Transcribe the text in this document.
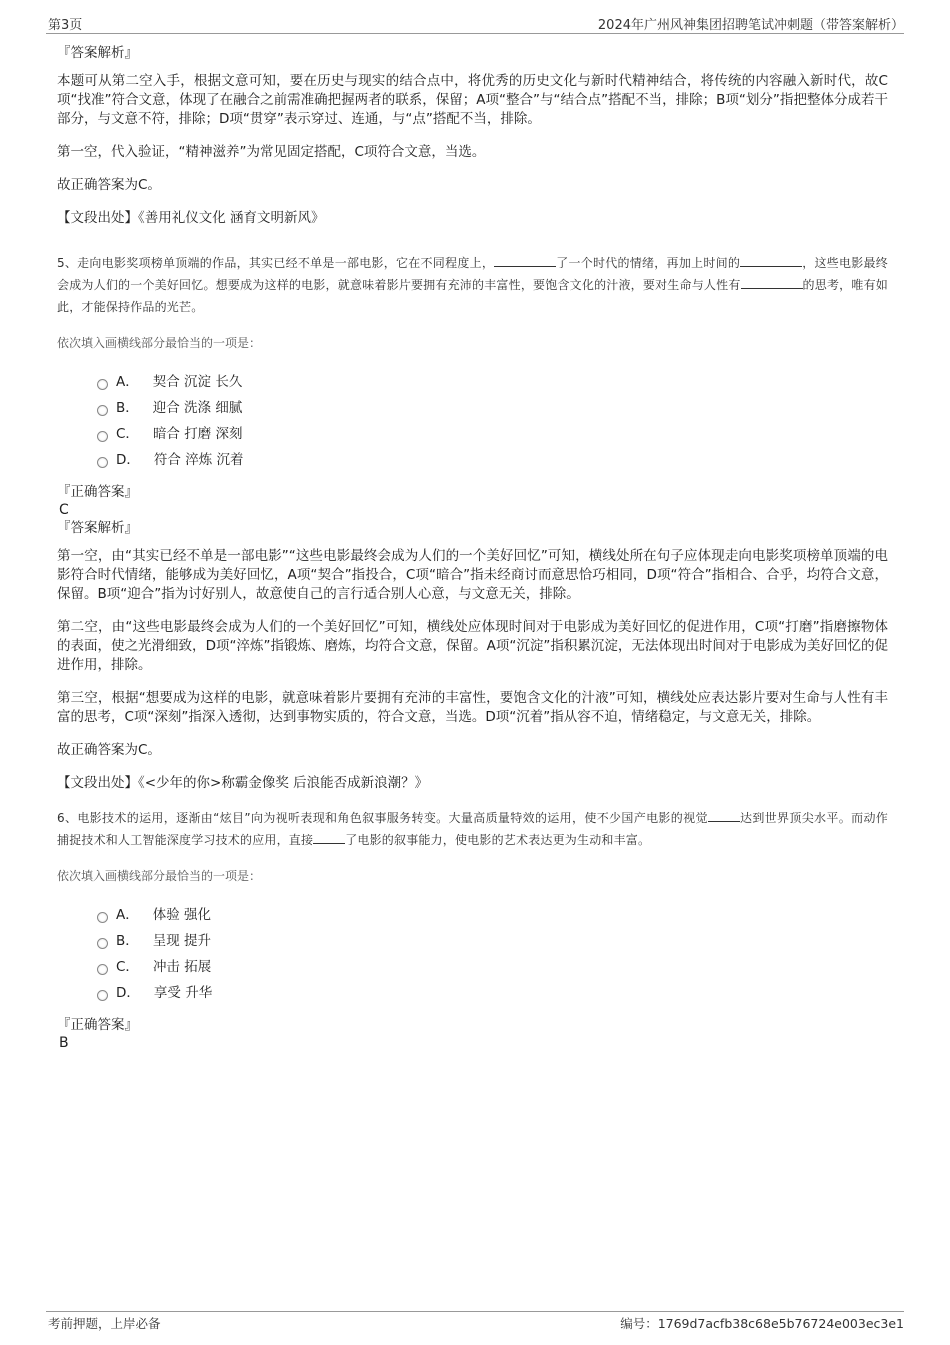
第3页	2024年广州风神集团招聘笔试冲刺题（带答案解析）

『答案解析』

本题可从第二空入手，根据文意可知，要在历史与现实的结合点中，将优秀的历史文化与新时代精神结合，将传统的内容融入新时代，故C项“找准”符合文意，体现了在融合之前需准确把握两者的联系，保留；A项“整合”与“结合点”搭配不当，排除；B项“划分”指把整体分成若干部分，与文意不符，排除；D项“贯穿”表示穿过、连通，与“点”搭配不当，排除。

第一空，代入验证，“精神滋养”为常见固定搭配，C项符合文意，当选。

故正确答案为C。

【文段出处】《善用礼仪文化 涵育文明新风》

5、走向电影奖项榜单顶端的作品，其实已经不单是一部电影，它在不同程度上，	了一个时代的情绪，再加上时间的	，这些电影最终会成为人们的一个美好回忆。想要成为这样的电影，就意味着影片要拥有充沛的丰富性，要饱含文化的汁液，要对生命与人性有	的思考，唯有如此，才能保持作品的光芒。

依次填入画横线部分最恰当的一项是：

A． 契合 沉淀 长久
B． 迎合 洗涤 细腻
C． 暗合 打磨 深刻
D． 符合 淬炼 沉着

『正确答案』

C

『答案解析』

第一空，由“其实已经不单是一部电影”“这些电影最终会成为人们的一个美好回忆”可知，横线处所在句子应体现走向电影奖项榜单顶端的电影符合时代情绪，能够成为美好回忆，A项“契合”指投合，C项“暗合”指未经商讨而意思恰巧相同，D项“符合”指相合、合乎，均符合文意，保留。B项“迎合”指为讨好别人，故意使自己的言行适合别人心意，与文意无关，排除。

第二空，由“这些电影最终会成为人们的一个美好回忆”可知，横线处应体现时间对于电影成为美好回忆的促进作用，C项“打磨”指磨擦物体的表面，使之光滑细致，D项“淬炼”指锻炼、磨炼，均符合文意，保留。A项“沉淀”指积累沉淀，无法体现出时间对于电影成为美好回忆的促进作用，排除。

第三空，根据“想要成为这样的电影，就意味着影片要拥有充沛的丰富性，要饱含文化的汁液”可知，横线处应表达影片要对生命与人性有丰富的思考，C项“深刻”指深入透彻，达到事物实质的，符合文意，当选。D项“沉着”指从容不迫，情绪稳定，与文意无关，排除。

故正确答案为C。

【文段出处】《<少年的你>称霸金像奖 后浪能否成新浪潮？》

6、电影技术的运用，逐渐由“炫目”向为视听表现和角色叙事服务转变。大量高质量特效的运用，使不少国产电影的视觉	达到世界顶尖水平。而动作捕捉技术和人工智能深度学习技术的应用，直接	了电影的叙事能力，使电影的艺术表达更为生动和丰富。

依次填入画横线部分最恰当的一项是：

A． 体验 强化
B． 呈现 提升
C． 冲击 拓展
D． 享受 升华

『正确答案』

B

考前押题，上岸必备	编号：1769d7acfb38c68e5b76724e003ec3e1
